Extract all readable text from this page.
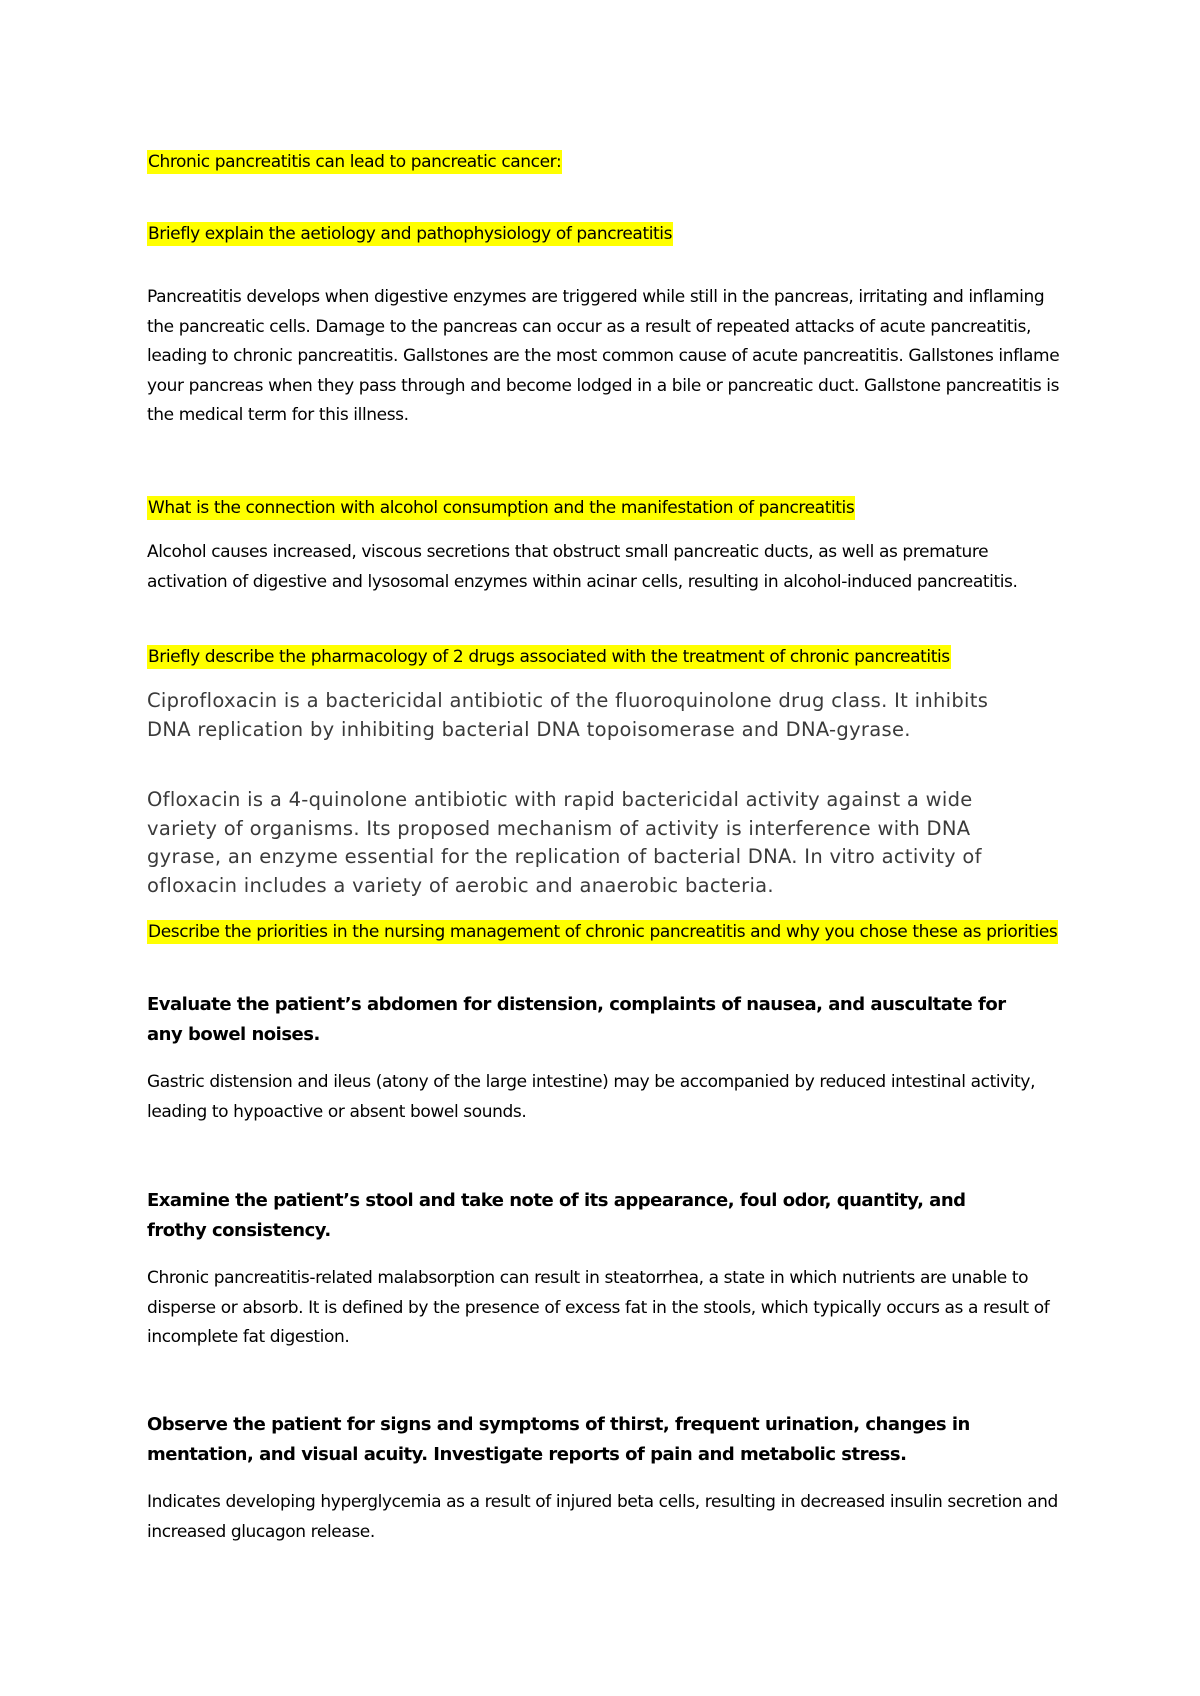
Chronic pancreatitis can lead to pancreatic cancer:

Briefly explain the aetiology and pathophysiology of pancreatitis

Pancreatitis develops when digestive enzymes are triggered while still in the pancreas, irritating and inflaming the pancreatic cells. Damage to the pancreas can occur as a result of repeated attacks of acute pancreatitis, leading to chronic pancreatitis. Gallstones are the most common cause of acute pancreatitis. Gallstones inflame your pancreas when they pass through and become lodged in a bile or pancreatic duct. Gallstone pancreatitis is the medical term for this illness.

What is the connection with alcohol consumption and the manifestation of pancreatitis

Alcohol causes increased, viscous secretions that obstruct small pancreatic ducts, as well as premature activation of digestive and lysosomal enzymes within acinar cells, resulting in alcohol-induced pancreatitis.

Briefly describe the pharmacology of 2 drugs associated with the treatment of chronic pancreatitis

Ciprofloxacin is a bactericidal antibiotic of the fluoroquinolone drug class. It inhibits DNA replication by inhibiting bacterial DNA topoisomerase and DNA-gyrase.

Ofloxacin is a 4-quinolone antibiotic with rapid bactericidal activity against a wide variety of organisms. Its proposed mechanism of activity is interference with DNA gyrase, an enzyme essential for the replication of bacterial DNA. In vitro activity of ofloxacin includes a variety of aerobic and anaerobic bacteria.

Describe the priorities in the nursing management of chronic pancreatitis and why you chose these as priorities

Evaluate the patient’s abdomen for distension, complaints of nausea, and auscultate for any bowel noises.

Gastric distension and ileus (atony of the large intestine) may be accompanied by reduced intestinal activity, leading to hypoactive or absent bowel sounds.

Examine the patient’s stool and take note of its appearance, foul odor, quantity, and frothy consistency.

Chronic pancreatitis-related malabsorption can result in steatorrhea, a state in which nutrients are unable to disperse or absorb. It is defined by the presence of excess fat in the stools, which typically occurs as a result of incomplete fat digestion.

Observe the patient for signs and symptoms of thirst, frequent urination, changes in mentation, and visual acuity. Investigate reports of pain and metabolic stress.

Indicates developing hyperglycemia as a result of injured beta cells, resulting in decreased insulin secretion and increased glucagon release.
